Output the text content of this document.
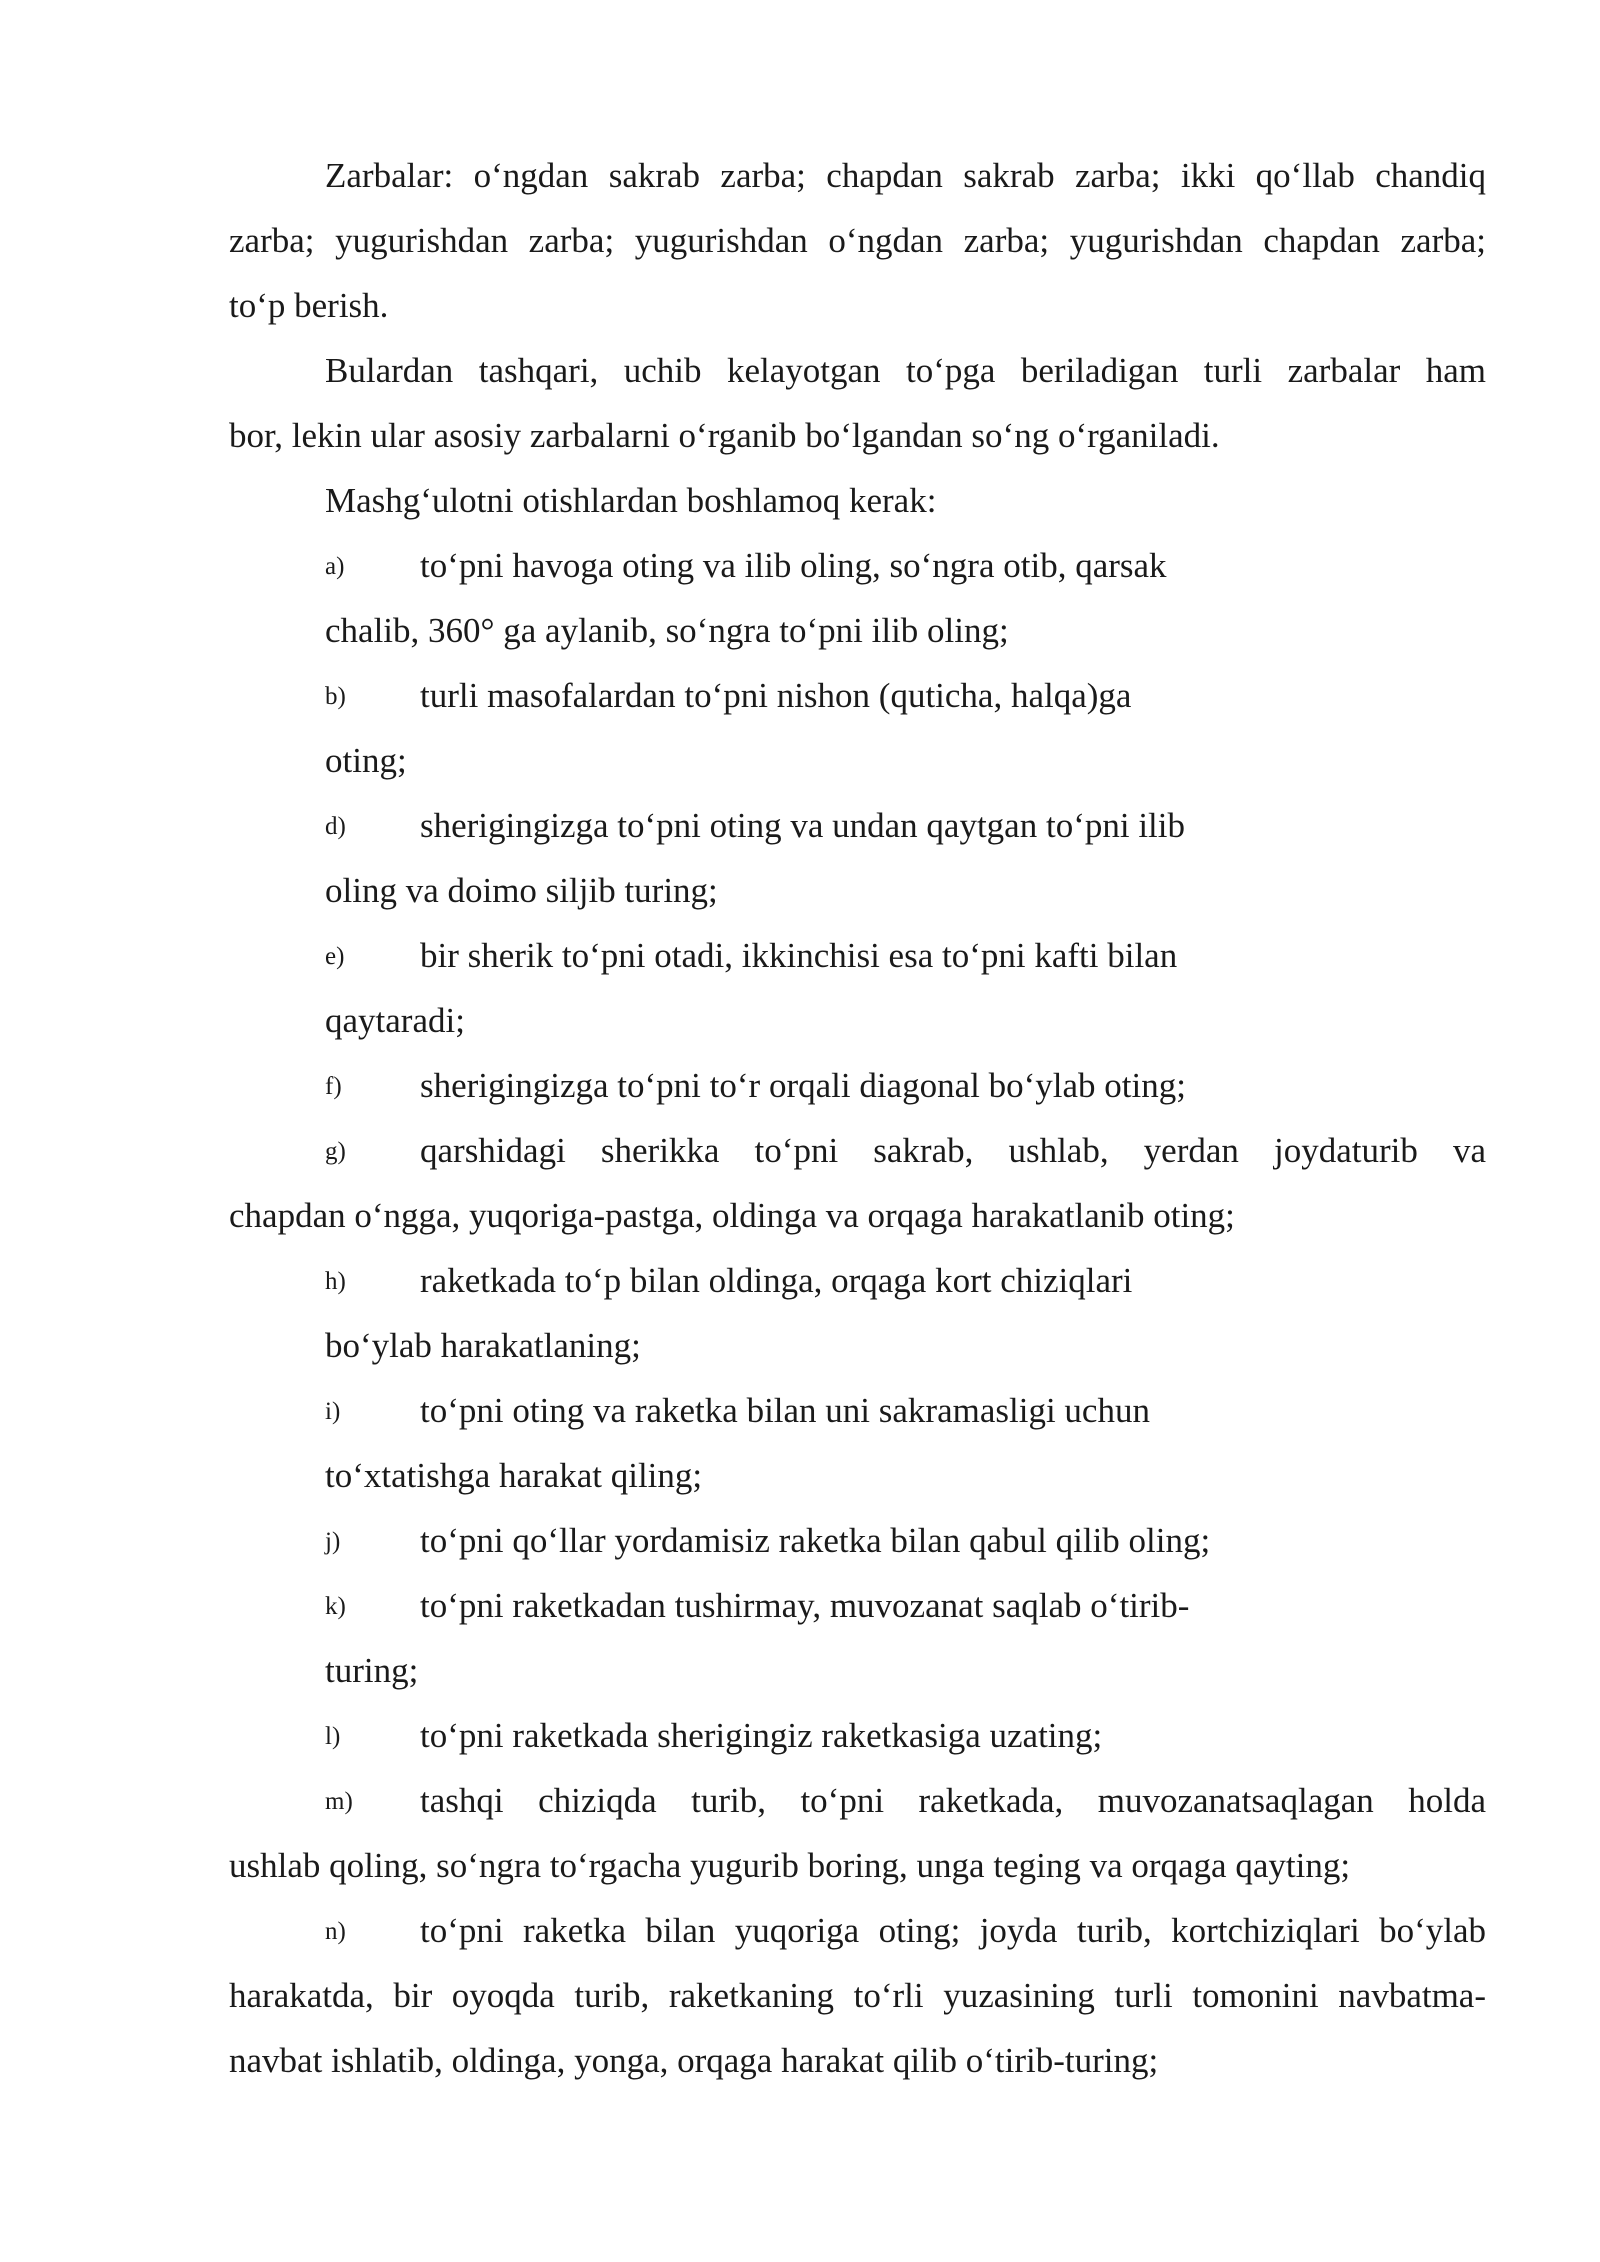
Zarbalar: o‘ngdan sakrab zarba; chapdan sakrab zarba; ikki qo‘llab chandiq

zarba; yugurishdan zarba; yugurishdan o‘ngdan zarba; yugurishdan chapdan zarba;

to‘p berish.

Bulardan tashqari, uchib kelayotgan to‘pga beriladigan turli zarbalar ham

bor, lekin ular asosiy zarbalarni o‘rganib bo‘lgandan so‘ng o‘rganiladi.

Mashg‘ulotni otishlardan boshlamoq kerak:

a) to‘pni havoga oting va ilib oling, so‘ngra otib, qarsak

chalib, 360° ga aylanib, so‘ngra to‘pni ilib oling;

b) turli masofalardan to‘pni nishon (quticha, halqa)ga

oting;

d) sherigingizga to‘pni oting va undan qaytgan to‘pni ilib

oling va doimo siljib turing;

e) bir sherik to‘pni otadi, ikkinchisi esa to‘pni kafti bilan

qaytaradi;

f) sherigingizga to‘pni to‘r orqali diagonal bo‘ylab oting;

g) qarshidagi sherikka to‘pni sakrab, ushlab, yerdan joydaturib va

chapdan o‘ngga, yuqoriga-pastga, oldinga va orqaga harakatlanib oting;

h) raketkada to‘p bilan oldinga, orqaga kort chiziqlari

bo‘ylab harakatlaning;

i) to‘pni oting va raketka bilan uni sakramasligi uchun

to‘xtatishga harakat qiling;

j) to‘pni qo‘llar yordamisiz raketka bilan qabul qilib oling;

k) to‘pni raketkadan tushirmay, muvozanat saqlab o‘tirib-

turing;

l) to‘pni raketkada sherigingiz raketkasiga uzating;

m) tashqi chiziqda turib, to‘pni raketkada, muvozanatsaqlagan holda

ushlab qoling, so‘ngra to‘rgacha yugurib boring, unga teging va orqaga qayting;

n) to‘pni raketka bilan yuqoriga oting; joyda turib, kortchiziqlari bo‘ylab

harakatda, bir oyoqda turib, raketkaning to‘rli yuzasining turli tomonini navbatma-

navbat ishlatib, oldinga, yonga, orqaga harakat qilib o‘tirib-turing;
